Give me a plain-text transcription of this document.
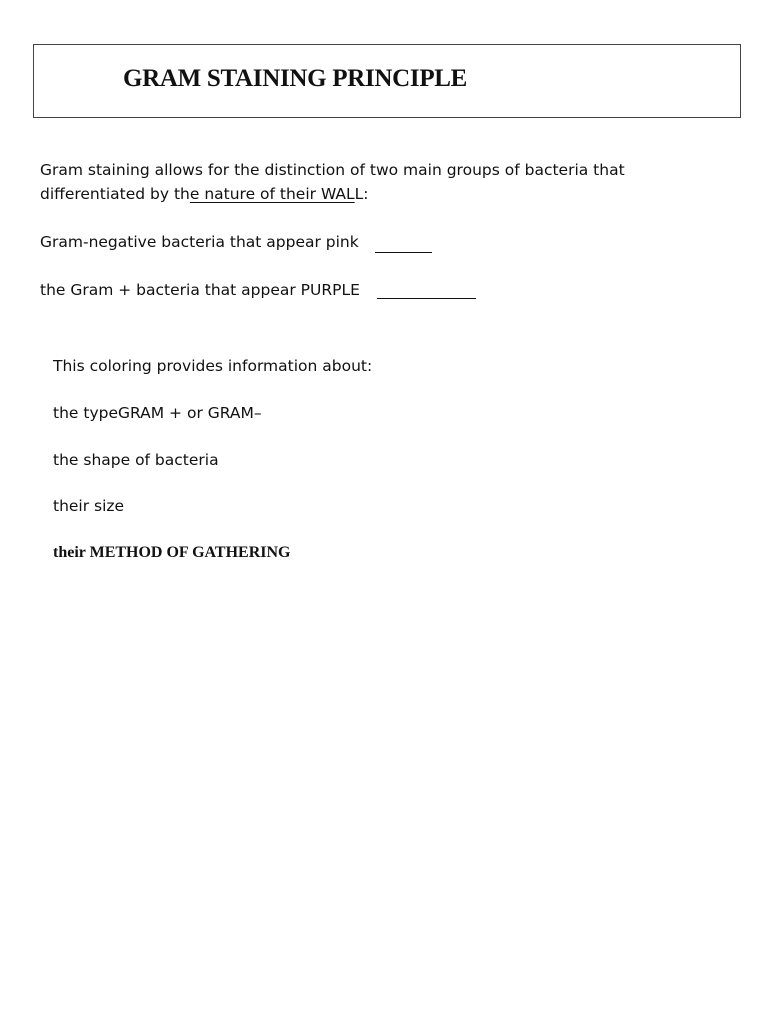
GRAM STAINING PRINCIPLE

Gram staining allows for the distinction of two main groups of bacteria that

differentiated by the nature of their WALL:

Gram-negative bacteria that appear pink

the Gram + bacteria that appear PURPLE

This coloring provides information about:

the typeGRAM + or GRAM–

the shape of bacteria

their size

their METHOD OF GATHERING
